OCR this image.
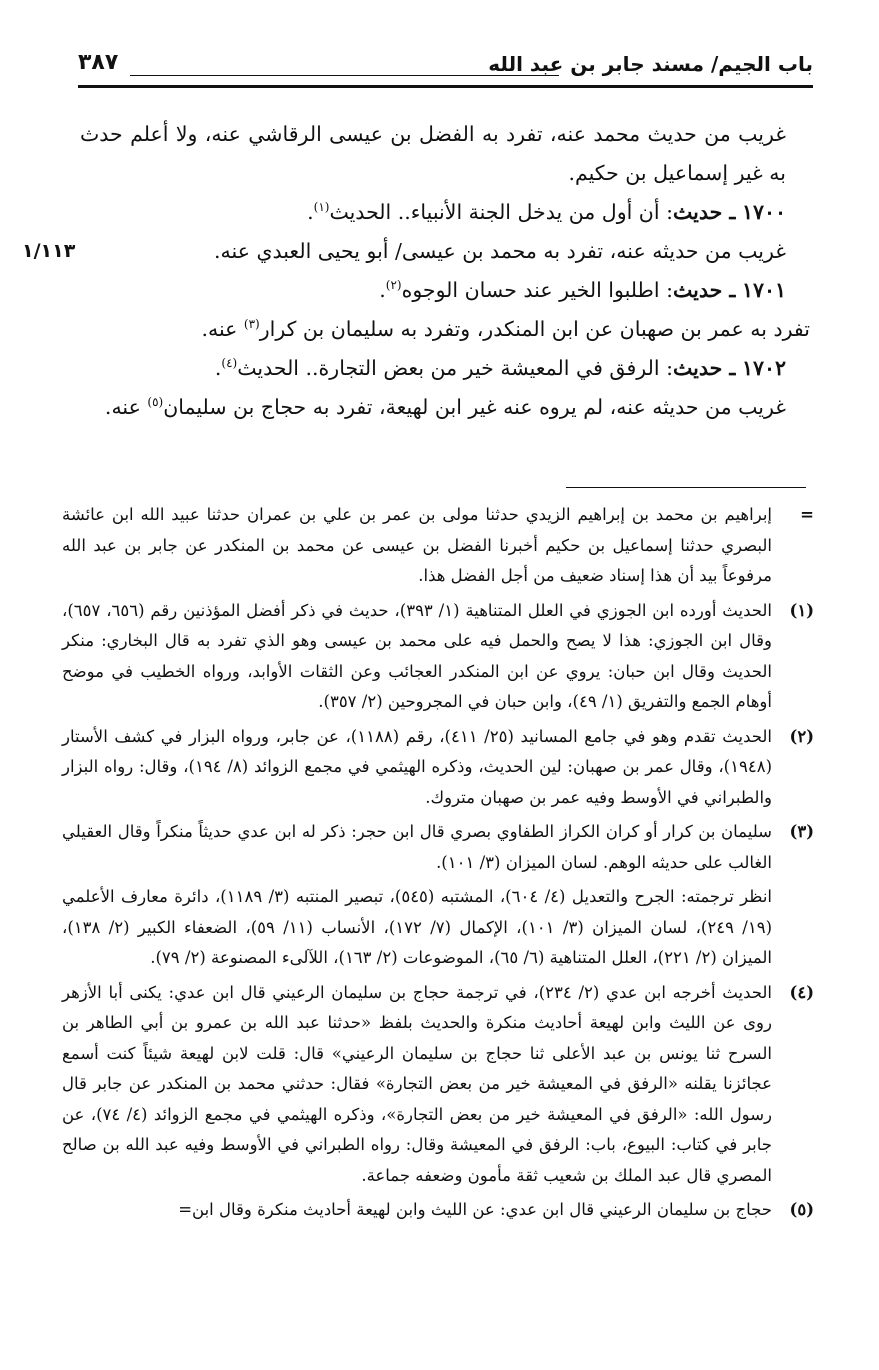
باب الجيم/ مسند جابر بن عبد الله
٣٨٧
١/١١٣

غريب من حديث محمد عنه، تفرد به الفضل بن عيسى الرقاشي عنه، ولا أعلم حدث به غير إسماعيل بن حكيم.

١٧٠٠ ـ حديث: أن أول من يدخل الجنة الأنبياء.. الحديث$^{(١)}$.

غريب من حديثه عنه، تفرد به محمد بن عيسى/ أبو يحيى العبدي عنه.

١٧٠١ ـ حديث: اطلبوا الخير عند حسان الوجوه$^{(٢)}$.

تفرد به عمر بن صهبان عن ابن المنكدر، وتفرد به سليمان بن كرار$^{(٣)}$ عنه.

١٧٠٢ ـ حديث: الرفق في المعيشة خير من بعض التجارة.. الحديث$^{(٤)}$.

غريب من حديثه عنه، لم يروه عنه غير ابن لهيعة، تفرد به حجاج بن سليمان$^{(٥)}$ عنه.

=

إبراهيم بن محمد بن إبراهيم الزيدي حدثنا مولى بن عمر بن علي بن عمران حدثنا عبيد الله ابن عائشة البصري حدثنا إسماعيل بن حكيم أخبرنا الفضل بن عيسى عن محمد بن المنكدر عن جابر بن عبد الله مرفوعاً بيد أن هذا إسناد ضعيف من أجل الفضل هذا.

(١)

الحديث أورده ابن الجوزي في العلل المتناهية (١/ ٣٩٣)، حديث في ذكر أفضل المؤذنين رقم (٦٥٦، ٦٥٧)، وقال ابن الجوزي: هذا لا يصح والحمل فيه على محمد بن عيسى وهو الذي تفرد به قال البخاري: منكر الحديث وقال ابن حبان: يروي عن ابن المنكدر العجائب وعن الثقات الأوابد، ورواه الخطيب في موضح أوهام الجمع والتفريق (١/ ٤٩)، وابن حبان في المجروحين (٢/ ٣٥٧).

(٢)

الحديث تقدم وهو في جامع المسانيد (٢٥/ ٤١١)، رقم (١١٨٨)، عن جابر، ورواه البزار في كشف الأستار (١٩٤٨)، وقال عمر بن صهبان: لين الحديث، وذكره الهيثمي في مجمع الزوائد (٨/ ١٩٤)، وقال: رواه البزار والطبراني في الأوسط وفيه عمر بن صهبان متروك.

(٣)

سليمان بن كرار أو كران الكراز الطفاوي بصري قال ابن حجر: ذكر له ابن عدي حديثاً منكراً وقال العقيلي الغالب على حديثه الوهم. لسان الميزان (٣/ ١٠١).

انظر ترجمته: الجرح والتعديل (٤/ ٦٠٤)، المشتبه (٥٤٥)، تبصير المنتبه (٣/ ١١٨٩)، دائرة معارف الأعلمي (١٩/ ٢٤٩)، لسان الميزان (٣/ ١٠١)، الإكمال (٧/ ١٧٢)، الأنساب (١١/ ٥٩)، الضعفاء الكبير (٢/ ١٣٨)، الميزان (٢/ ٢٢١)، العلل المتناهية (٦/ ٦٥)، الموضوعات (٢/ ١٦٣)، اللآلىء المصنوعة (٢/ ٧٩).

(٤)

الحديث أخرجه ابن عدي (٢/ ٢٣٤)، في ترجمة حجاج بن سليمان الرعيني قال ابن عدي: يكنى أبا الأزهر روى عن الليث وابن لهيعة أحاديث منكرة والحديث بلفظ «حدثنا عبد الله بن عمرو بن أبي الطاهر بن السرح ثنا يونس بن عبد الأعلى ثنا حجاج بن سليمان الرعيني» قال: قلت لابن لهيعة شيئاً كنت أسمع عجائزنا يقلنه «الرفق في المعيشة خير من بعض التجارة» فقال: حدثني محمد بن المنكدر عن جابر قال رسول الله: «الرفق في المعيشة خير من بعض التجارة»، وذكره الهيثمي في مجمع الزوائد (٤/ ٧٤)، عن جابر في كتاب: البيوع، باب: الرفق في المعيشة وقال: رواه الطبراني في الأوسط وفيه عبد الله بن صالح المصري قال عبد الملك بن شعيب ثقة مأمون وضعفه جماعة.

(٥)

حجاج بن سليمان الرعيني قال ابن عدي: عن الليث وابن لهيعة أحاديث منكرة وقال ابن=
